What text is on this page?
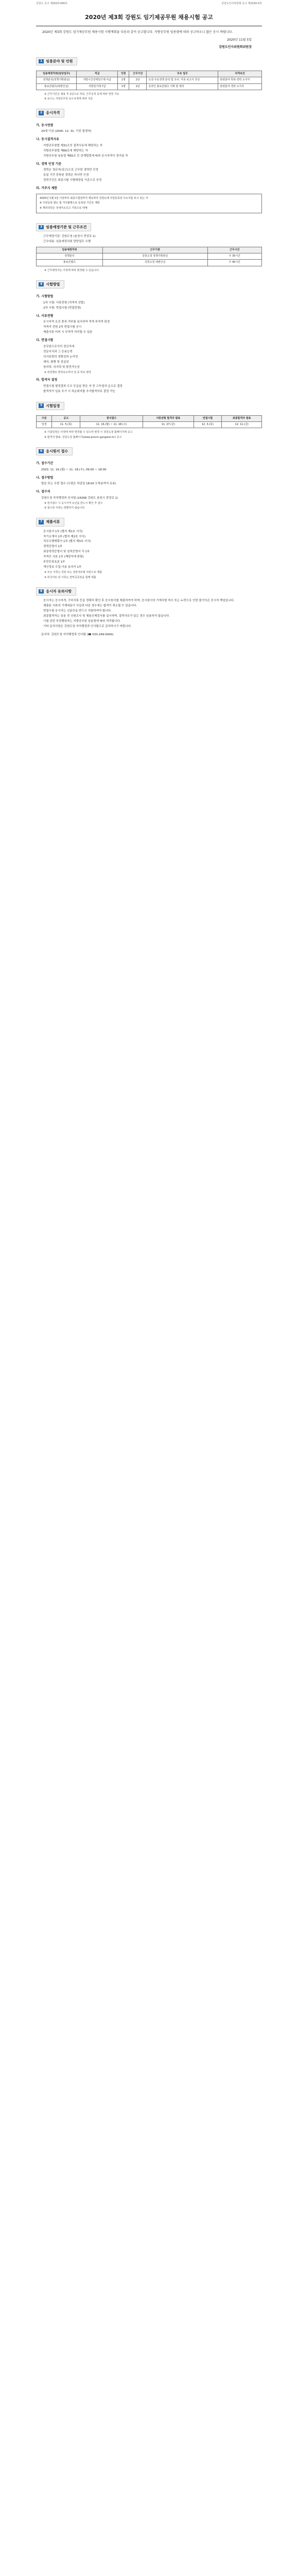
강원도 공고 제2020-000호	강원도인사위원회 공고 제2020-0호
2020년 제3회 강원도 임기제공무원 채용시험 공고
2020년 제3회 강원도 임기제공무원 채용시험 시행계획을 다음과 같이 공고합니다. 지방공무원 임용령에 따라 공고하오니 많은 응시 바랍니다.
2020년 11월 5일
강원도인사위원회위원장
1	임용분야 및 인원
임용예정직위(담당업무)	직급	인원	근무기간	주요 업무	자격요건
정책분석(정책기획관실)	지방시간선택임기제 나급	1명	2년	도정 주요정책 분석 및 조사, 각종 보고서 작성	관련분야 학위·경력 소지자
홍보콘텐츠(대변인실)	지방임기제 7급	1명	2년	온라인 홍보콘텐츠 기획 및 제작	관련분야 경력 소지자
※ 근무기간은 채용 후 2년으로 하되, 근무실적 등에 따라 연장 가능
※ 보수는 지방공무원 보수규정에 따라 지급
2	응시자격
가. 응시연령
20세 이상 (2000. 12. 31. 이전 출생자)
나. 응시결격사유
지방공무원법 제31조의 결격사유에 해당하는 자
지방공무원법 제66조에 해당하는 자
지방공무원 임용령 제65조 등 관계법령에 따라 응시자격이 정지된 자
다. 경력 인정 기준
경력은 정규직(상근)으로 근무한 경력만 인정
동일 기간 중복된 경력은 하나만 인정
경력기간은 최종시험 시행예정일 기준으로 산정
라. 거주지 제한
2020년 1월 1일 이전부터 최종시험일까지 계속하여 강원도에 주민등록상 주소지를 두고 있는 자
※ 주민등록 말소 및 거주불명으로 등록된 기간은 제외
※ 재외국민은 국내거소신고 기록으로 대체
3	임용예정기관 및 근무조건
근무예정기관: 강원도청 (춘천시 중앙로 1)
근무내용: 임용예정직위 담당업무 수행
임용예정직위	근무기관	근무시간
정책분석	강원도청 정책기획관실	주 35시간
홍보콘텐츠	강원도청 대변인실	주 40시간
※ 근무예정지는 사정에 따라 변경될 수 있습니다.
4	시험방법
가. 시험방법
1차 시험: 서류전형 (적격자 선발)
2차 시험: 면접시험 (면접전형)
나. 서류전형
응시자격 요건 충족 여부를 심사하여 적격·부적격 판정
적격자 전원 2차 면접시험 응시
제출서류 미비 시 부적격 처리될 수 있음
다. 면접시험
공무원으로서의 정신자세
전문지식과 그 응용능력
의사표현의 정확성과 논리성
예의, 품행 및 성실성
창의력, 의지력 및 발전가능성
※ 위원별로 평정요소마다 상·중·하로 평정
라. 합격자 결정
면접시험 평정결과 우수 등급을 받은 자 중 고득점자 순으로 결정
합격자가 임용 포기 시 차순위자를 추가합격자로 결정 가능
5	시험일정
구분	공고	원서접수	서류전형 합격자 발표	면접시험	최종합격자 발표
일정	11. 5.(목)	11. 16.(월) ~ 11. 18.(수)	11. 27.(금)	12. 3.(목)	12. 11.(금)
※ 시험일정은 사정에 따라 변경될 수 있으며 변경 시 강원도청 홈페이지에 공고
※ 합격자 발표: 강원도청 홈페이지(www.provin.gangwon.kr) 공고
6	응시원서 접수
가. 접수기간
2020. 11. 16.(월) ~ 11. 18.(수), 09:00 ~ 18:00
나. 접수방법
방문 또는 우편 접수 (우편은 마감일 18:00 도착분까지 유효)
다. 접수처
강원도청 자치행정과 인사팀 (24266 강원도 춘천시 중앙로 1)
※ 원서접수 시 응시자격 요건을 반드시 확인 후 접수
※ 접수된 서류는 반환하지 않습니다.
7	제출서류
응시원서 1부 (별지 제1호 서식)
자기소개서 1부 (별지 제2호 서식)
직무수행계획서 1부 (별지 제3호 서식)
경력증명서 1부
최종학력증명서 및 성적증명서 각 1부
자격증 사본 1부 (해당자에 한함)
주민등록초본 1부
개인정보 수집·이용 동의서 1부
※ 모든 서류는 원본 또는 원본대조필 사본으로 제출
※ 외국어로 된 서류는 번역공증본을 함께 제출
8	응시자 유의사항
응시자는 응시자격, 구비서류 등을 정확히 확인 후 응시원서를 제출하여야 하며, 응시원서의 기재사항 착오 또는 누락으로 인한 불이익은 응시자 책임입니다.
제출된 서류의 기재내용이 사실과 다른 경우에는 합격이 취소될 수 있습니다.
면접시험 응시자는 신분증을 반드시 지참하여야 합니다.
최종합격자는 임용 전 신원조사 및 채용신체검사를 실시하며, 결격사유가 있는 경우 임용하지 않습니다.
시험 관련 부정행위자는 지방공무원 임용령에 따라 처리합니다.
기타 문의사항은 강원도청 자치행정과 인사팀으로 문의하시기 바랍니다.
문의처: 강원도청 자치행정과 인사팀 (☎ 033-249-0000)
